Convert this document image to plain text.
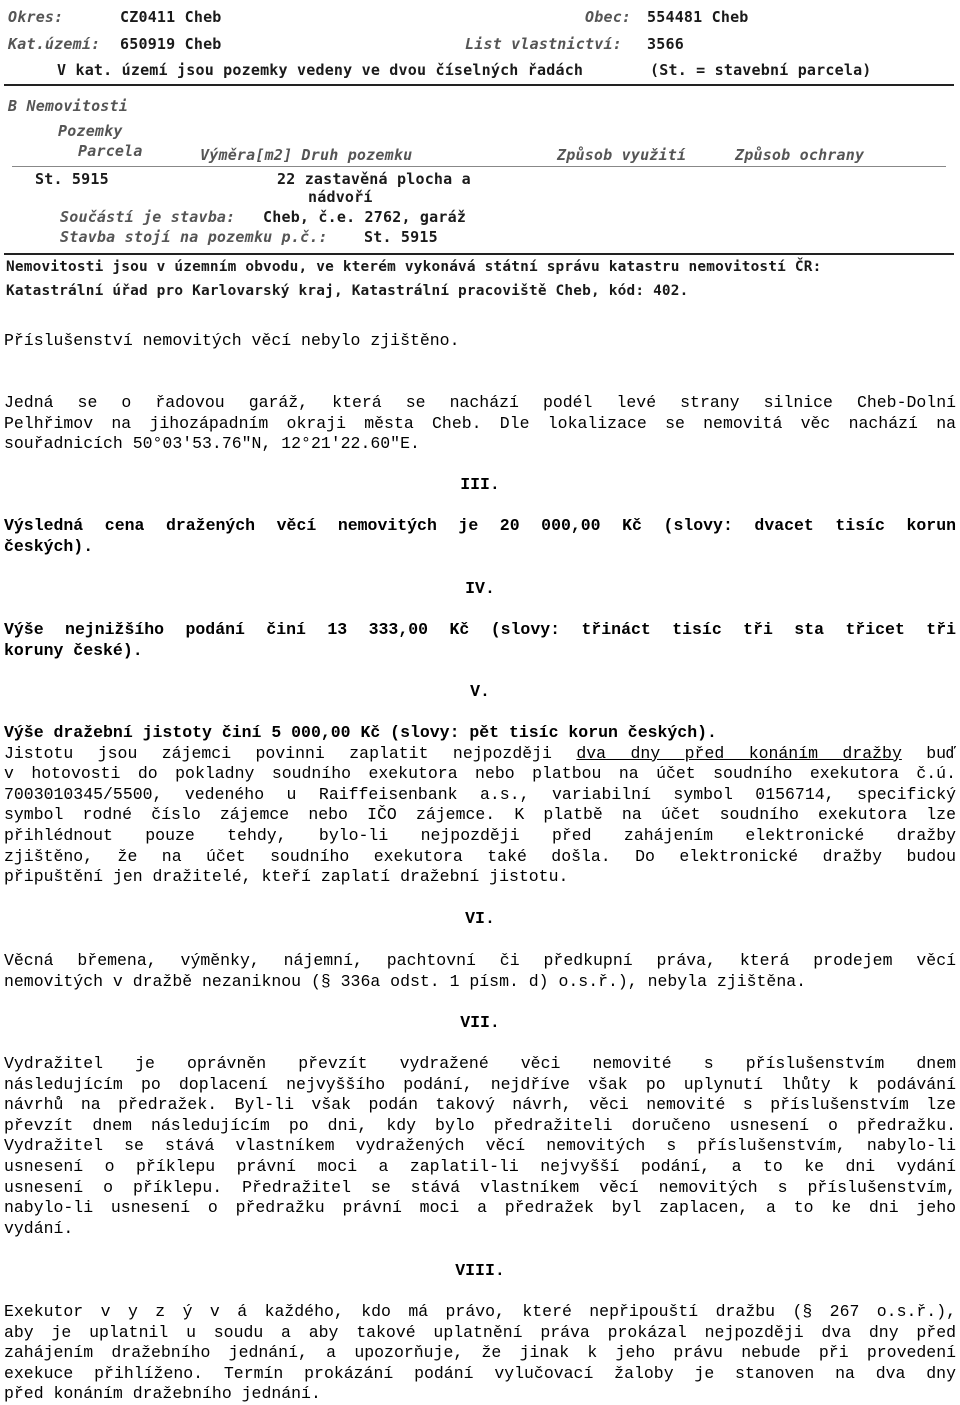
Okres:	CZ0411 Cheb	Obec: 554481 Cheb
Kat.území: 650919 Cheb	List vlastnictví: 3566
V kat. území jsou pozemky vedeny ve dvou číselných řadách	(St. = stavební parcela)
B Nemovitosti
Pozemky
Parcela	Výměra[m2] Druh pozemku	Způsob využití	Způsob ochrany
St. 5915	22 zastavěná plocha a
nádvoří
Součástí je stavba: Cheb, č.e. 2762, garáž
Stavba stojí na pozemku p.č.: St. 5915
Nemovitosti jsou v územním obvodu, ve kterém vykonává státní správu katastru nemovitostí ČR:
Katastrální úřad pro Karlovarský kraj, Katastrální pracoviště Cheb, kód: 402.
Příslušenství nemovitých věcí nebylo zjištěno.
Jedná se o řadovou garáž, která se nachází podél levé strany silnice Cheb-Dolní
Pelhřimov na jihozápadním okraji města Cheb. Dle lokalizace se nemovitá věc nachází na
souřadnicích 50°03'53.76"N, 12°21'22.60"E.
III.
Výsledná cena dražených věcí nemovitých je 20 000,00 Kč (slovy: dvacet tisíc korun
českých).
IV.
Výše nejnižšího podání činí 13 333,00 Kč (slovy: třináct tisíc tři sta třicet tři
koruny české).
V.
Výše dražební jistoty činí 5 000,00 Kč (slovy: pět tisíc korun českých).
Jistotu jsou zájemci povinni zaplatit nejpozději dva dny před konáním dražby buď
v hotovosti do pokladny soudního exekutora nebo platbou na účet soudního exekutora č.ú.
7003010345/5500, vedeného u Raiffeisenbank a.s., variabilní symbol 0156714, specifický
symbol rodné číslo zájemce nebo IČO zájemce. K platbě na účet soudního exekutora lze
přihlédnout pouze tehdy, bylo-li nejpozději před zahájením elektronické dražby
zjištěno, že na účet soudního exekutora také došla. Do elektronické dražby budou
připuštění jen dražitelé, kteří zaplatí dražební jistotu.
VI.
Věcná břemena, výměnky, nájemní, pachtovní či předkupní práva, která prodejem věcí
nemovitých v dražbě nezaniknou (§ 336a odst. 1 písm. d) o.s.ř.), nebyla zjištěna.
VII.
Vydražitel je oprávněn převzít vydražené věci nemovité s příslušenstvím dnem
následujícím po doplacení nejvyššího podání, nejdříve však po uplynutí lhůty k podávání
návrhů na předražek. Byl-li však podán takový návrh, věci nemovité s příslušenstvím lze
převzít dnem následujícím po dni, kdy bylo předražiteli doručeno usnesení o předražku.
Vydražitel se stává vlastníkem vydražených věcí nemovitých s příslušenstvím, nabylo-li
usnesení o příklepu právní moci a zaplatil-li nejvyšší podání, a to ke dni vydání
usnesení o příklepu. Předražitel se stává vlastníkem věcí nemovitých s příslušenstvím,
nabylo-li usnesení o předražku právní moci a předražek byl zaplacen, a to ke dni jeho
vydání.
VIII.
Exekutor v y z ý v á každého, kdo má právo, které nepřipouští dražbu (§ 267 o.s.ř.),
aby je uplatnil u soudu a aby takové uplatnění práva prokázal nejpozději dva dny před
zahájením dražebního jednání, a upozorňuje, že jinak k jeho právu nebude při provedení
exekuce přihlíženo. Termín prokázání podání vylučovací žaloby je stanoven na dva dny
před konáním dražebního jednání.
